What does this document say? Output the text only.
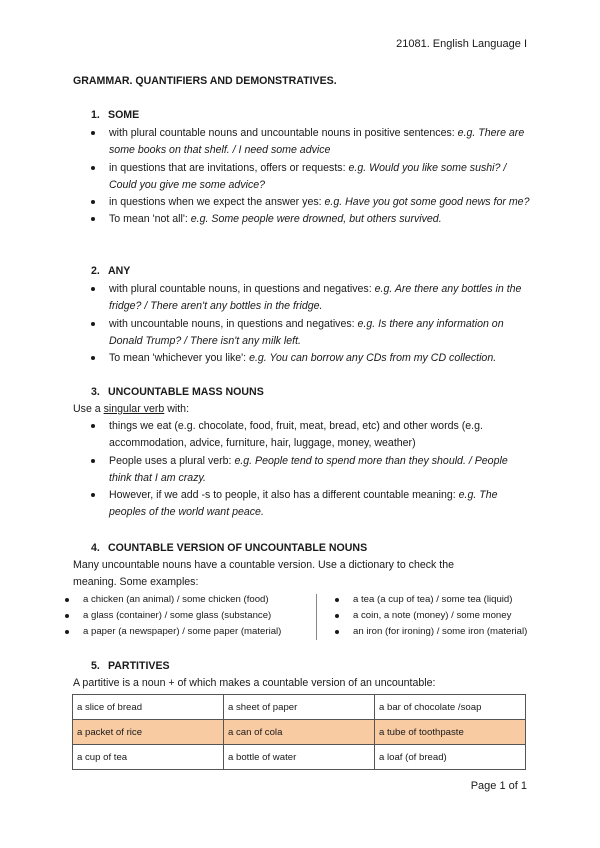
21081. English Language I
GRAMMAR. QUANTIFIERS AND DEMONSTRATIVES.
1. SOME
with plural countable nouns and uncountable nouns in positive sentences: e.g. There are some books on that shelf. / I need some advice
in questions that are invitations, offers or requests: e.g. Would you like some sushi? / Could you give me some advice?
in questions when we expect the answer yes: e.g. Have you got some good news for me?
To mean 'not all': e.g. Some people were drowned, but others survived.
2. ANY
with plural countable nouns, in questions and negatives: e.g. Are there any bottles in the fridge? / There aren't any bottles in the fridge.
with uncountable nouns, in questions and negatives: e.g. Is there any information on Donald Trump? / There isn't any milk left.
To mean 'whichever you like': e.g. You can borrow any CDs from my CD collection.
3. UNCOUNTABLE MASS NOUNS
Use a singular verb with:
things we eat (e.g. chocolate, food, fruit, meat, bread, etc) and other words (e.g. accommodation, advice, furniture, hair, luggage, money, weather)
People uses a plural verb: e.g. People tend to spend more than they should. / People think that I am crazy.
However, if we add -s to people, it also has a different countable meaning: e.g. The peoples of the world want peace.
4. COUNTABLE VERSION OF UNCOUNTABLE NOUNS
Many uncountable nouns have a countable version. Use a dictionary to check the meaning. Some examples:
a chicken (an animal) / some chicken (food)
a glass (container) / some glass (substance)
a paper (a newspaper) / some paper (material)
a tea (a cup of tea) / some tea (liquid)
a coin, a note (money) / some money
an iron (for ironing) / some iron (material)
5. PARTITIVES
A partitive is a noun + of which makes a countable version of an uncountable:
a slice of bread	a sheet of paper	a bar of chocolate /soap
a packet of rice	a can of cola	a tube of toothpaste
a cup of tea	a bottle of water	a loaf (of bread)
Page 1 of 1
